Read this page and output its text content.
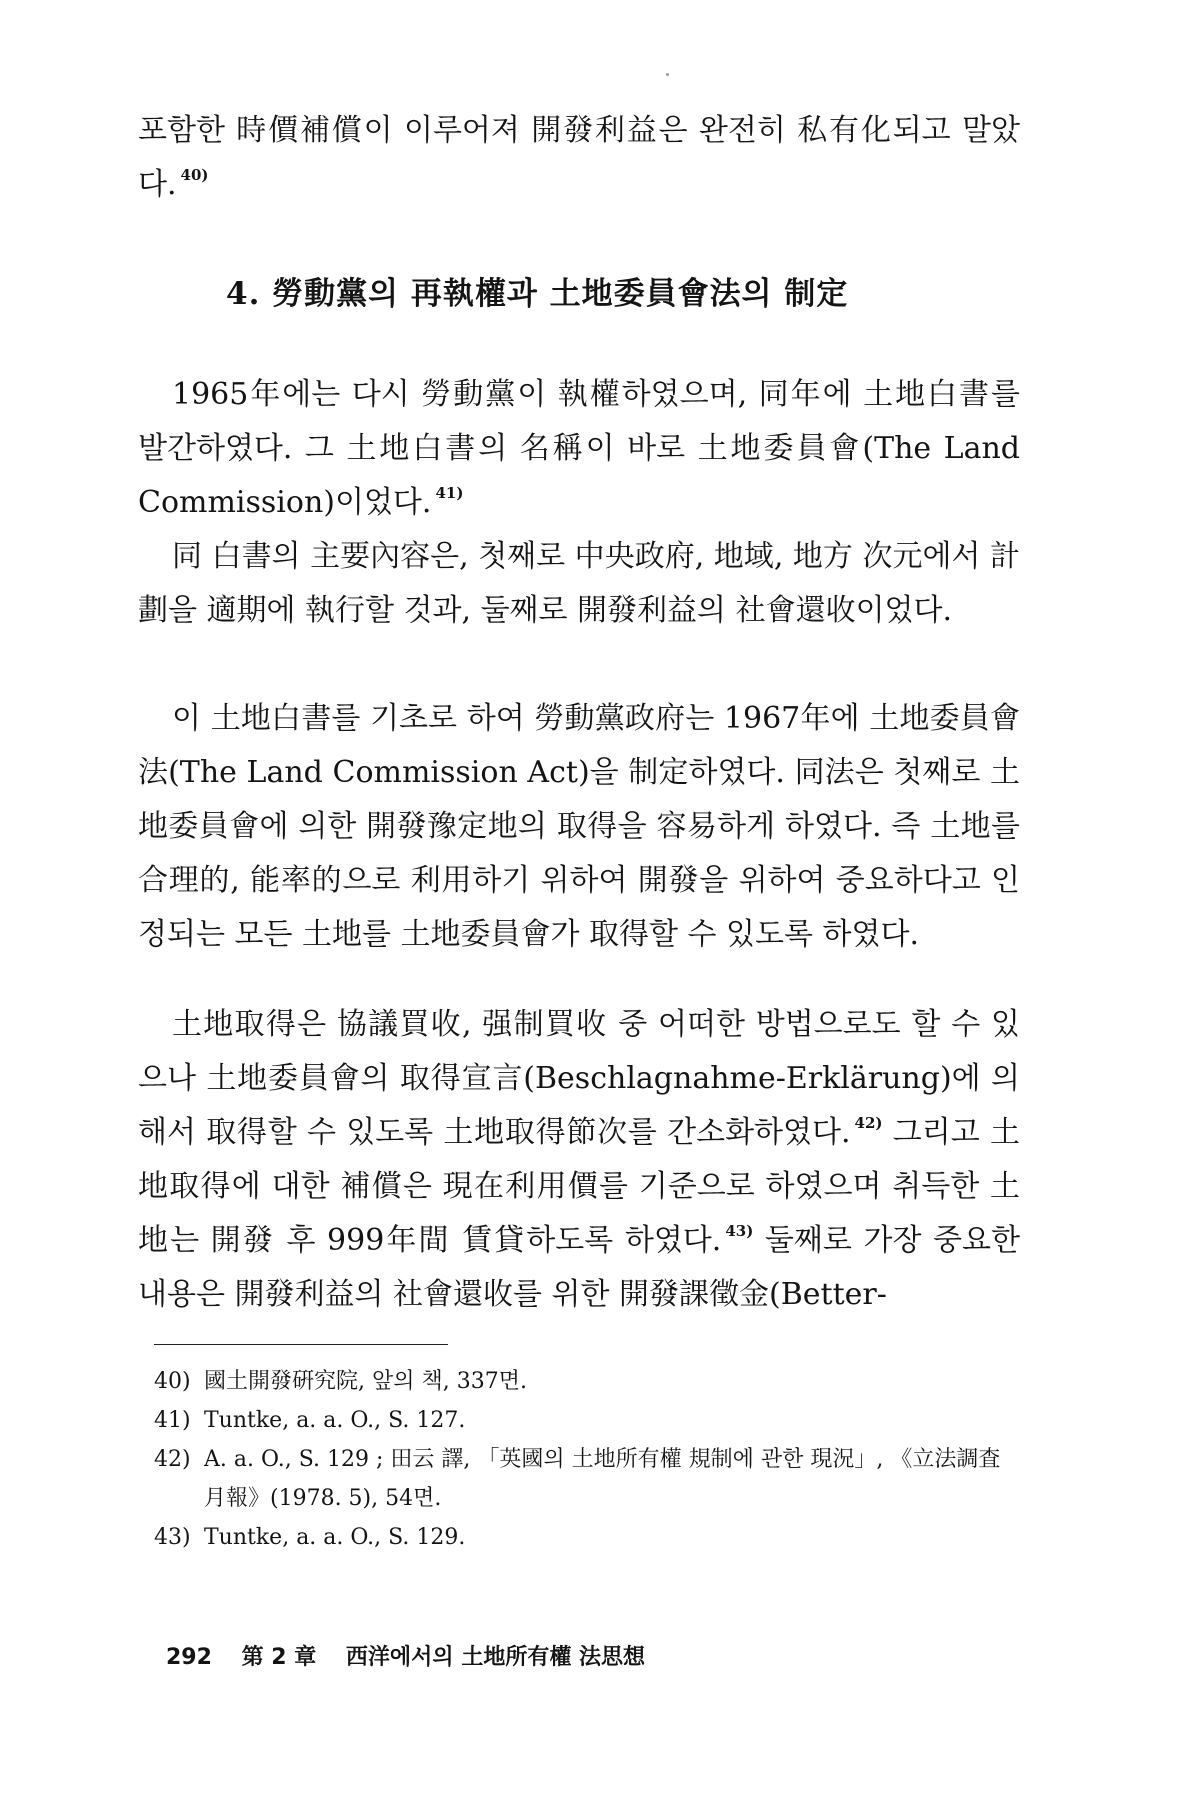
포함한 時價補償이 이루어져 開發利益은 완전히 私有化되고 말았다. $^{40)}$

4. 勞動黨의 再執權과 土地委員會法의 制定

1965年에는 다시 勞動黨이 執權하였으며, 同年에 土地白書를 발간하였다. 그 土地白書의 名稱이 바로 土地委員會(The Land Commission)이었다. $^{41)}$

同 白書의 主要內容은, 첫째로 中央政府, 地域, 地方 次元에서 計劃을 適期에 執行할 것과, 둘째로 開發利益의 社會還收이었다.

이 土地白書를 기초로 하여 勞動黨政府는 1967年에 土地委員會法(The Land Commission Act)을 制定하였다. 同法은 첫째로 土地委員會에 의한 開發豫定地의 取得을 容易하게 하였다. 즉 土地를 合理的, 能率的으로 利用하기 위하여 開發을 위하여 중요하다고 인정되는 모든 土地를 土地委員會가 取得할 수 있도록 하였다.

土地取得은 協議買收, 强制買收 중 어떠한 방법으로도 할 수 있으나 土地委員會의 取得宣言(Beschlagnahme-Erklärung)에 의해서 取得할 수 있도록 土地取得節次를 간소화하였다. $^{42)}$ 그리고 土地取得에 대한 補償은 現在利用價를 기준으로 하였으며 취득한 土地는 開發 후 999年間 賃貸하도록 하였다. $^{43)}$ 둘째로 가장 중요한 내용은 開發利益의 社會還收를 위한 開發課徵金(Better-

40) 國土開發硏究院, 앞의 책, 337면.
41) Tuntke, a. a. O., S. 127.
42) A. a. O., S. 129 ; 田云 譯, 「英國의 土地所有權 規制에 관한 現況」, 《立法調査月報》(1978. 5), 54면.
43) Tuntke, a. a. O., S. 129.
292 第 2 章 西洋에서의 土地所有權 法思想
